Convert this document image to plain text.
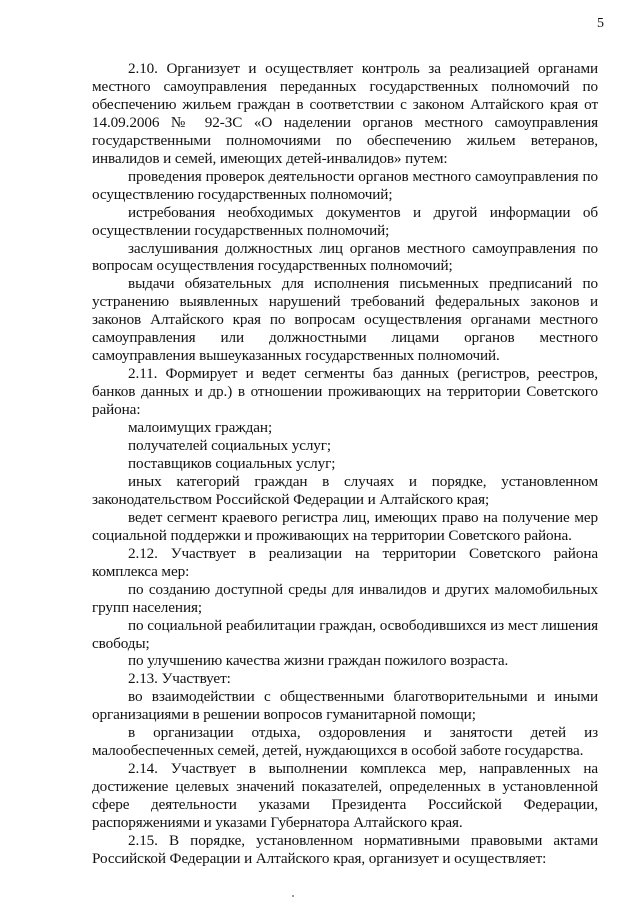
5

2.10. Организует и осуществляет контроль за реализацией органами местного самоуправления переданных государственных полномочий по обеспечению жильем граждан в соответствии с законом Алтайского края от 14.09.2006 № 92-ЗС «О наделении органов местного самоуправления государственными полномочиями по обеспечению жильем ветеранов, инвалидов и семей, имеющих детей-инвалидов» путем:

проведения проверок деятельности органов местного самоуправления по осуществлению государственных полномочий;

истребования необходимых документов и другой информации об осуществлении государственных полномочий;

заслушивания должностных лиц органов местного самоуправления по вопросам осуществления государственных полномочий;

выдачи обязательных для исполнения письменных предписаний по устранению выявленных нарушений требований федеральных законов и законов Алтайского края по вопросам осуществления органами местного самоуправления или должностными лицами органов местного самоуправления вышеуказанных государственных полномочий.

2.11. Формирует и ведет сегменты баз данных (регистров, реестров, банков данных и др.) в отношении проживающих на территории Советского района:

малоимущих граждан;

получателей социальных услуг;

поставщиков социальных услуг;

иных категорий граждан в случаях и порядке, установленном законодательством Российской Федерации и Алтайского края;

ведет сегмент краевого регистра лиц, имеющих право на получение мер социальной поддержки и проживающих на территории Советского района.

2.12. Участвует в реализации на территории Советского района комплекса мер:

по созданию доступной среды для инвалидов и других маломобильных групп населения;

по социальной реабилитации граждан, освободившихся из мест лишения свободы;

по улучшению качества жизни граждан пожилого возраста.

2.13. Участвует:

во взаимодействии с общественными благотворительными и иными организациями в решении вопросов гуманитарной помощи;

в организации отдыха, оздоровления и занятости детей из малообеспеченных семей, детей, нуждающихся в особой заботе государства.

2.14. Участвует в выполнении комплекса мер, направленных на достижение целевых значений показателей, определенных в установленной сфере деятельности указами Президента Российской Федерации, распоряжениями и указами Губернатора Алтайского края.

2.15. В порядке, установленном нормативными правовыми актами Российской Федерации и Алтайского края, организует и осуществляет:
